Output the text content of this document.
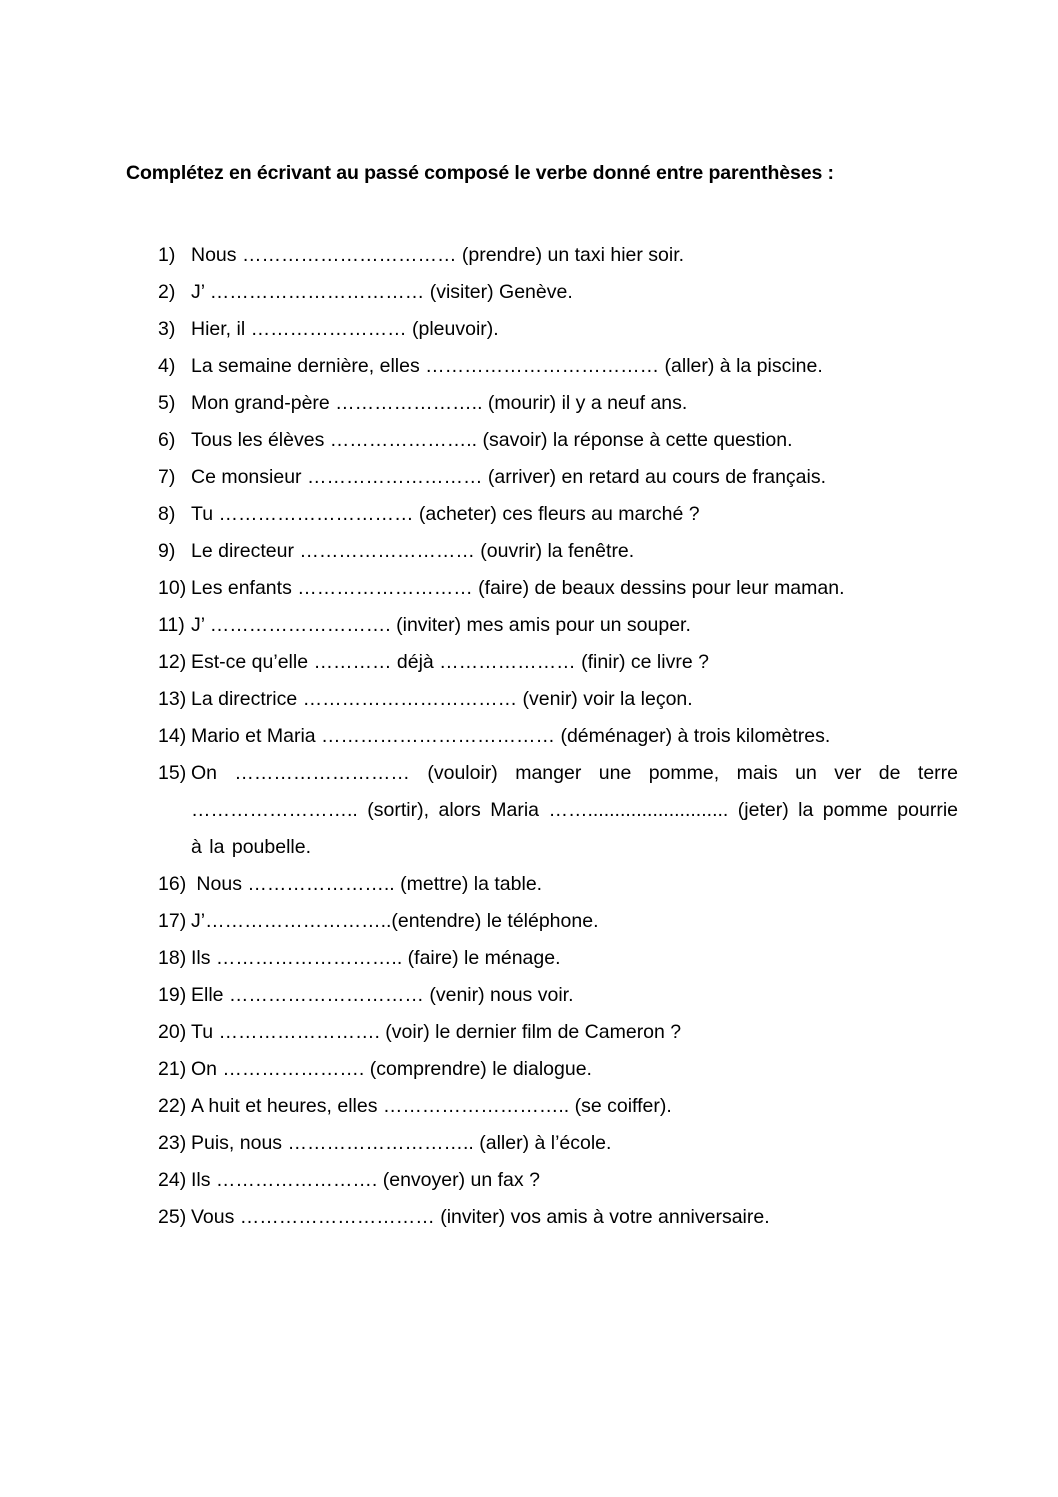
Complétez en écrivant au passé composé le verbe donné entre parenthèses :
1) Nous …………………………… (prendre) un taxi hier soir.
2) J’ …………………………… (visiter) Genève.
3) Hier, il …………………… (pleuvoir).
4) La semaine dernière, elles ……………………………… (aller) à la piscine.
5) Mon grand-père ………………….. (mourir) il y a neuf ans.
6) Tous les élèves ………………….. (savoir) la réponse à cette question.
7) Ce monsieur ……………………… (arriver) en retard au cours de français.
8) Tu ………………………… (acheter) ces fleurs au marché ?
9) Le directeur ……………………… (ouvrir) la fenêtre.
10) Les enfants ……………………… (faire) de beaux dessins pour leur maman.
11) J’ ………………………. (inviter) mes amis pour un souper.
12) Est-ce qu’elle ………… déjà ………………… (finir) ce livre ?
13) La directrice …………………………… (venir) voir la leçon.
14) Mario et Maria ……………………………… (déménager) à trois kilomètres.
15) On ……………………… (vouloir) manger une pomme, mais un ver de terre …………………….. (sortir), alors Maria …….......................... (jeter) la pomme pourrie à la poubelle.
16) Nous ………………….. (mettre) la table.
17) J’………………………..(entendre) le téléphone.
18) Ils ……………………….. (faire) le ménage.
19) Elle ………………………… (venir) nous voir.
20) Tu ……………………. (voir) le dernier film de Cameron ?
21) On …………………. (comprendre) le dialogue.
22) A huit et heures, elles ……………………….. (se coiffer).
23) Puis, nous ……………………….. (aller) à l’école.
24) Ils ……………………. (envoyer) un fax ?
25) Vous ………………………… (inviter) vos amis à votre anniversaire.
